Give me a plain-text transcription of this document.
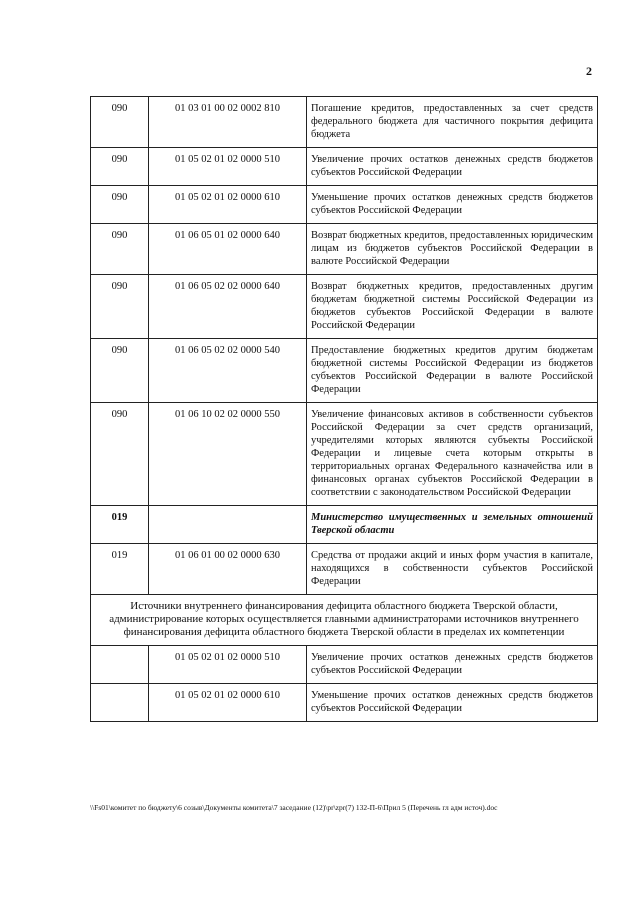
2
090	01 03 01 00 02 0002 810	Погашение кредитов, предоставленных за счет средств федерального бюджета для частичного покрытия дефицита бюджета
090	01 05 02 01 02 0000 510	Увеличение прочих остатков денежных средств бюджетов субъектов Российской Федерации
090	01 05 02 01 02 0000 610	Уменьшение прочих остатков денежных средств бюджетов субъектов Российской Федерации
090	01 06 05 01 02 0000 640	Возврат бюджетных кредитов, предоставленных юридическим лицам из бюджетов субъектов Российской Федерации в валюте Российской Федерации
090	01 06 05 02 02 0000 640	Возврат бюджетных кредитов, предоставленных другим бюджетам бюджетной системы Российской Федерации из бюджетов субъектов Российской Федерации в валюте Российской Федерации
090	01 06 05 02 02 0000 540	Предоставление бюджетных кредитов другим бюджетам бюджетной системы Российской Федерации из бюджетов субъектов Российской Федерации в валюте Российской Федерации
090	01 06 10 02 02 0000 550	Увеличение финансовых активов в собственности субъектов Российской Федерации за счет средств организаций, учредителями которых являются субъекты Российской Федерации и лицевые счета которым открыты в территориальных органах Федерального казначейства или в финансовых органах субъектов Российской Федерации в соответствии с законодательством Российской Федерации
019		Министерство имущественных и земельных отношений Тверской области
019	01 06 01 00 02 0000 630	Средства от продажи акций и иных форм участия в капитале, находящихся в собственности субъектов Российской Федерации
Источники внутреннего финансирования дефицита областного бюджета Тверской области, администрирование которых осуществляется главными администраторами источников внутреннего финансирования дефицита областного бюджета Тверской области в пределах их компетенции		
	01 05 02 01 02 0000 510	Увеличение прочих остатков денежных средств бюджетов субъектов Российской Федерации
	01 05 02 01 02 0000 610	Уменьшение прочих остатков денежных средств бюджетов субъектов Российской Федерации
\\Fs01\комитет по бюджету\6 созыв\Документы комитета\7 заседание (12)\pr\zpr(7) 132-П-6\Прил 5 (Перечень гл адм источ).doc
